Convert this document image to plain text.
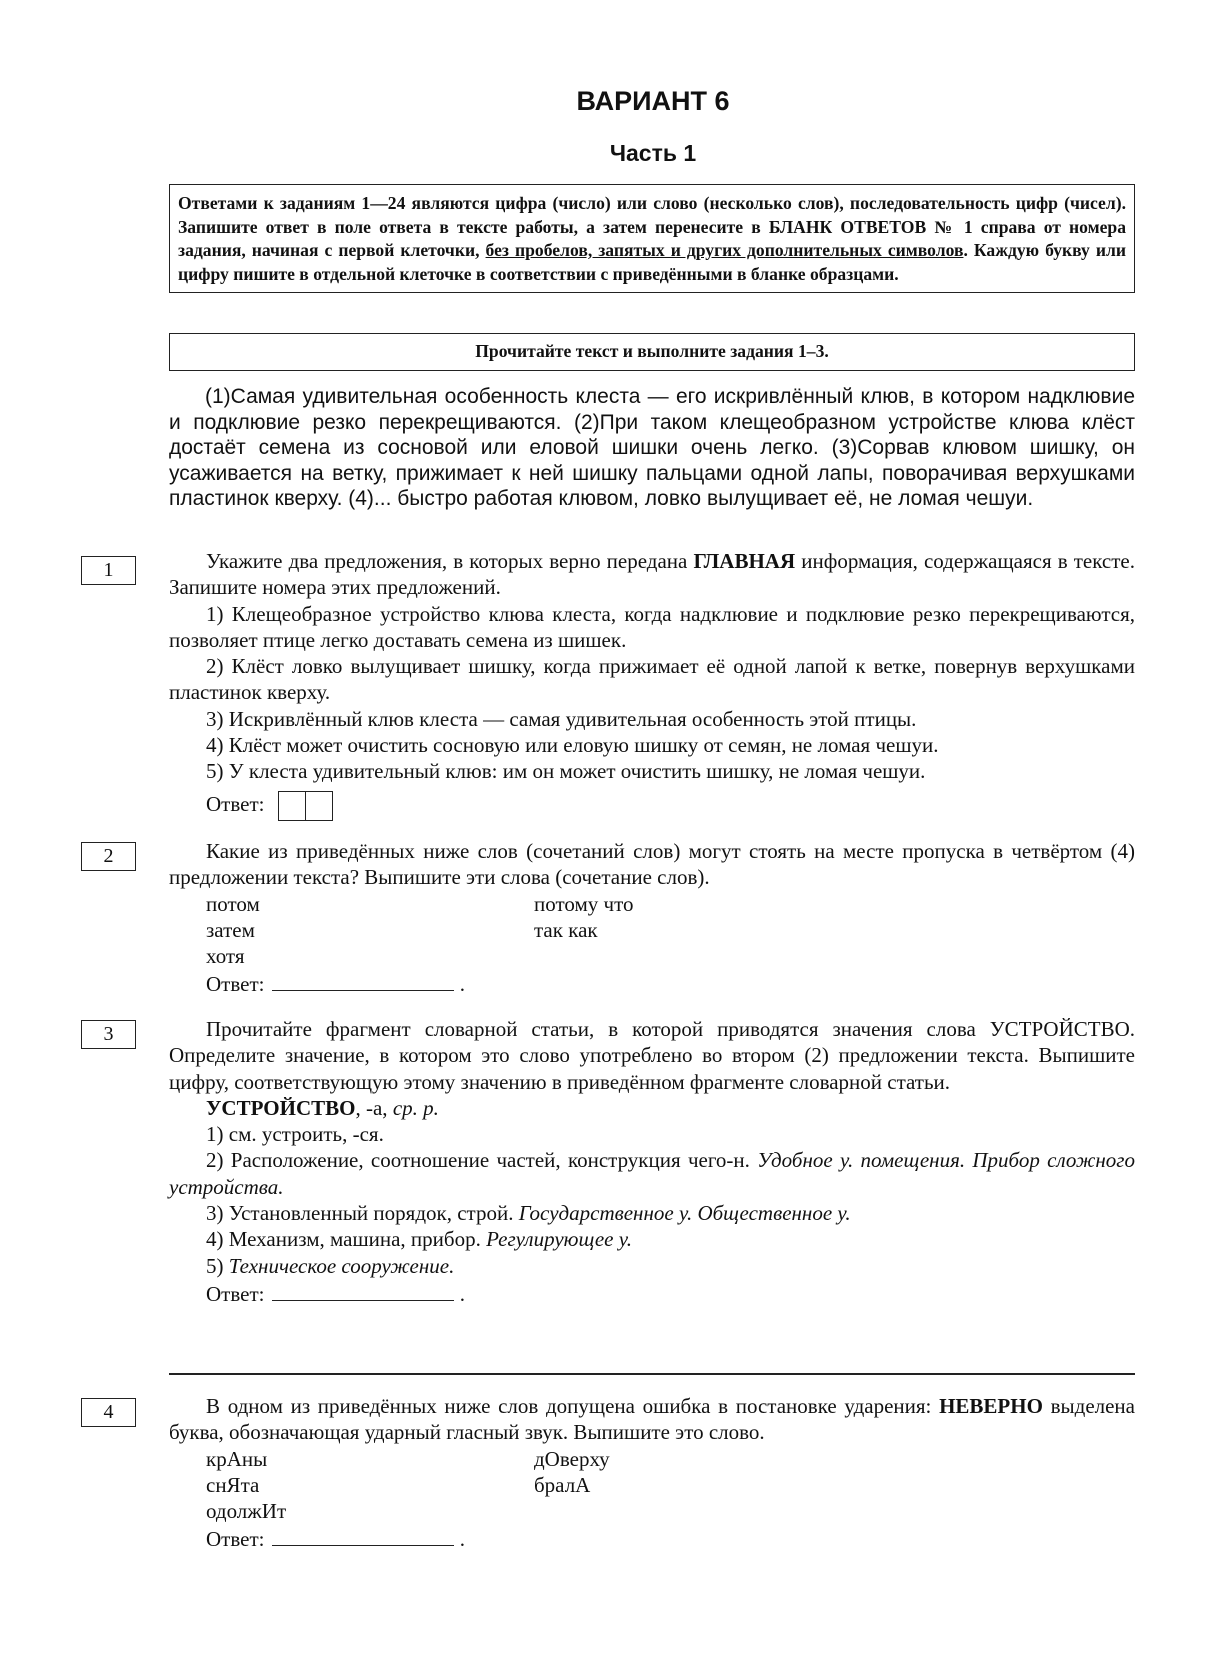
ВАРИАНТ 6
Часть 1
Ответами к заданиям 1—24 являются цифра (число) или слово (несколько слов), последовательность цифр (чисел). Запишите ответ в поле ответа в тексте работы, а затем перенесите в БЛАНК ОТВЕТОВ № 1 справа от номера задания, начиная с первой клеточки, без пробелов, запятых и других дополнительных символов. Каждую букву или цифру пишите в отдельной клеточке в соответствии с приведёнными в бланке образцами.
Прочитайте текст и выполните задания 1–3.

(1)Самая удивительная особенность клеста — его искривлённый клюв, в котором надклювие и подклювие резко перекрещиваются. (2)При таком клещеобразном устройстве клюва клёст достаёт семена из сосновой или еловой шишки очень легко. (3)Сорвав клювом шишку, он усаживается на ветку, прижимает к ней шишку пальцами одной лапы, поворачивая верхушками пластинок кверху. (4)... быстро работая клювом, ловко вылущивает её, не ломая чешуи.

1	Укажите два предложения, в которых верно передана ГЛАВНАЯ информация, содержащаяся в тексте. Запишите номера этих предложений.

1) Клещеобразное устройство клюва клеста, когда надклювие и подклювие резко перекрещиваются, позволяет птице легко доставать семена из шишек.

2) Клёст ловко вылущивает шишку, когда прижимает её одной лапой к ветке, повернув верхушками пластинок кверху.

3) Искривлённый клюв клеста — самая удивительная особенность этой птицы.

4) Клёст может очистить сосновую или еловую шишку от семян, не ломая чешуи.

5) У клеста удивительный клюв: им он может очистить шишку, не ломая чешуи.

Ответ:
2	Какие из приведённых ниже слов (сочетаний слов) могут стоять на месте пропуска в четвёртом (4) предложении текста? Выпишите эти слова (сочетание слов).

потом	потому что
затем	так как
хотя
Ответ:	.
3	Прочитайте фрагмент словарной статьи, в которой приводятся значения слова УСТРОЙСТВО. Определите значение, в котором это слово употреблено во втором (2) предложении текста. Выпишите цифру, соответствующую этому значению в приведённом фрагменте словарной статьи.

УСТРОЙСТВО, -а, ср. р.

1) см. устроить, -ся.

2) Расположение, соотношение частей, конструкция чего-н. Удобное у. помещения. Прибор сложного устройства.

3) Установленный порядок, строй. Государственное у. Общественное у.

4) Механизм, машина, прибор. Регулирующее у.

5) Техническое сооружение.

Ответ:	.
4	В одном из приведённых ниже слов допущена ошибка в постановке ударения: НЕВЕРНО выделена буква, обозначающая ударный гласный звук. Выпишите это слово.

крАны	дОверху
снЯта	бралА
одолжИт
Ответ:	.
